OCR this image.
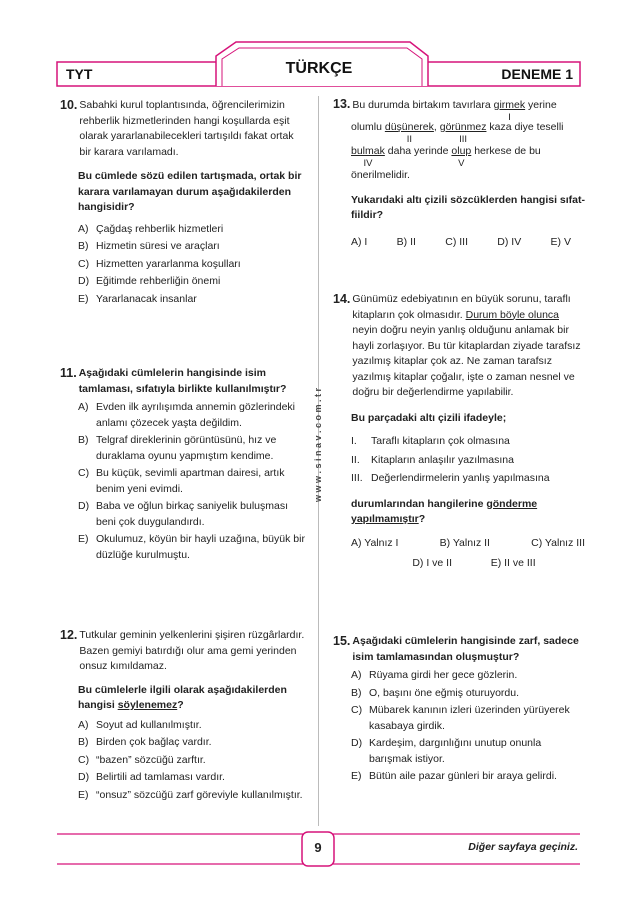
TYT	TÜRKÇE	DENEME 1
w w w . s i n a v . c o m . t r
10. Sabahki kurul toplantısında, öğrencilerimizin rehberlik hizmetlerinden hangi koşullarda eşit olarak yararlanabilecekleri tartışıldı fakat ortak bir karara varılamadı.
Bu cümlede sözü edilen tartışmada, ortak bir karara varılamayan durum aşağıdakilerden hangisidir?
A) Çağdaş rehberlik hizmetleri
B) Hizmetin süresi ve araçları
C) Hizmetten yararlanma koşulları
D) Eğitimde rehberliğin önemi
E) Yararlanacak insanlar
11. Aşağıdaki cümlelerin hangisinde isim tamlaması, sıfatıyla birlikte kullanılmıştır?
A) Evden ilk ayrılışımda annemin gözlerindeki anlamı çözecek yaşta değildim.
B) Telgraf direklerinin görüntüsünü, hız ve duraklama oyunu yapmıştım kendime.
C) Bu küçük, sevimli apartman dairesi, artık benim yeni evimdi.
D) Baba ve oğlun birkaç saniyelik buluşması beni çok duygulandırdı.
E) Okulumuz, köyün bir hayli uzağına, büyük bir düzlüğe kurulmuştu.
12. Tutkular geminin yelkenlerini şişiren rüzgârlardır. Bazen gemiyi batırdığı olur ama gemi yerinden onsuz kımıldamaz.
Bu cümlelerle ilgili olarak aşağıdakilerden hangisi söylenemez?
A) Soyut ad kullanılmıştır.
B) Birden çok bağlaç vardır.
C) “bazen” sözcüğü zarftır.
D) Belirtili ad tamlaması vardır.
E) “onsuz” sözcüğü zarf göreviyle kullanılmıştır.
13. Bu durumda birtakım tavırlara girmek
I
yerine
olumlu düşünerek
II
, görünmez
III
kaza diye teselli
bulmak
IV
daha yerinde olup
V
herkese de bu
önerilmelidir.
Yukarıdaki altı çizili sözcüklerden hangisi sıfat-fiildir?
A) I	B) II	C) III	D) IV	E) V
14. Günümüz edebiyatının en büyük sorunu, taraflı kitapların çok olmasıdır. Durum böyle olunca neyin doğru neyin yanlış olduğunu anlamak bir hayli zorlaşıyor. Bu tür kitaplardan ziyade tarafsız yazılmış kitaplar çok az. Ne zaman tarafsız yazılmış kitaplar çoğalır, işte o zaman nesnel ve doğru bir değerlendirme yapılabilir.
Bu parçadaki altı çizili ifadeyle;
I.	Taraflı kitapların çok olmasına
II.	Kitapların anlaşılır yazılmasına
III. Değerlendirmelerin yanlış yapılmasına
durumlarından hangilerine gönderme yapılmamıştır?
A) Yalnız I	B) Yalnız II	C) Yalnız III
D) I ve II	E) II ve III
15. Aşağıdaki cümlelerin hangisinde zarf, sadece isim tamlamasından oluşmuştur?
A) Rüyama girdi her gece gözlerin.
B) O, başını öne eğmiş oturuyordu.
C) Mübarek kanının izleri üzerinden yürüyerek kasabaya girdik.
D) Kardeşim, dargınlığını unutup onunla barışmak istiyor.
E) Bütün aile pazar günleri bir araya gelirdi.
9	Diğer sayfaya geçiniz.
